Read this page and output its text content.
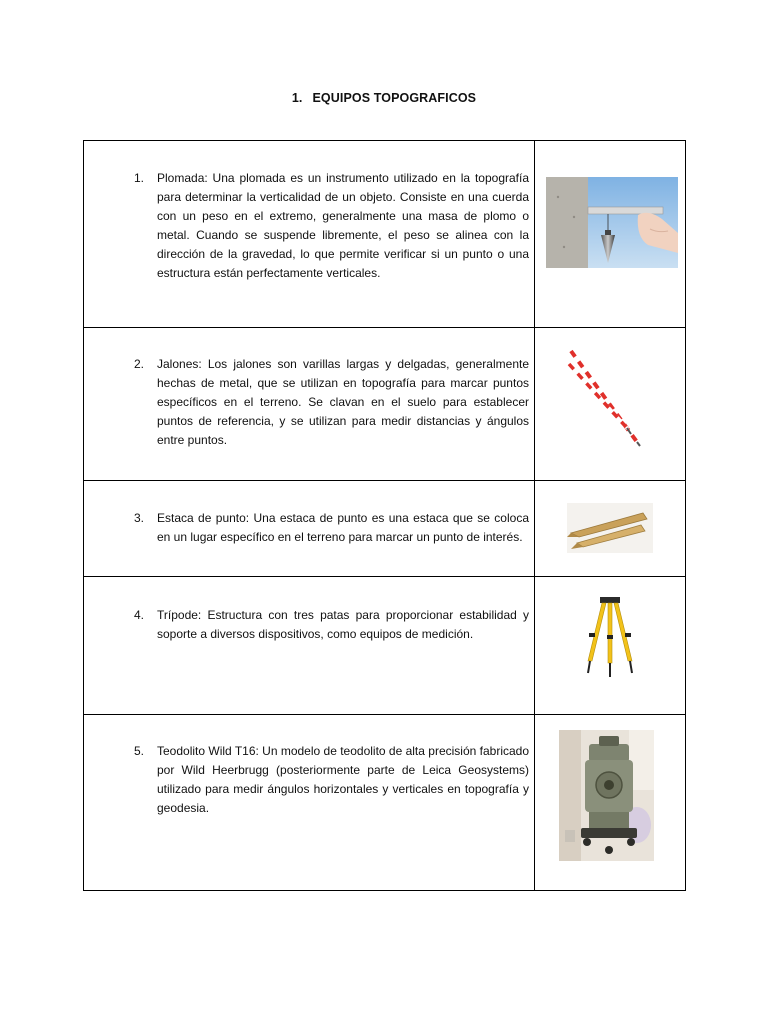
1. EQUIPOS TOPOGRAFICOS
1. Plomada: Una plomada es un instrumento utilizado en la topografía para determinar la verticalidad de un objeto. Consiste en una cuerda con un peso en el extremo, generalmente una masa de plomo o metal. Cuando se suspende libremente, el peso se alinea con la dirección de la gravedad, lo que permite verificar si un punto o una estructura están perfectamente verticales.

2. Jalones: Los jalones son varillas largas y delgadas, generalmente hechas de metal, que se utilizan en topografía para marcar puntos específicos en el terreno. Se clavan en el suelo para establecer puntos de referencia, y se utilizan para medir distancias y ángulos entre puntos.

3. Estaca de punto: Una estaca de punto es una estaca que se coloca en un lugar específico en el terreno para marcar un punto de interés.

4. Trípode: Estructura con tres patas para proporcionar estabilidad y soporte a diversos dispositivos, como equipos de medición.

5. Teodolito Wild T16: Un modelo de teodolito de alta precisión fabricado por Wild Heerbrugg (posteriormente parte de Leica Geosystems) utilizado para medir ángulos horizontales y verticales en topografía y geodesia.
